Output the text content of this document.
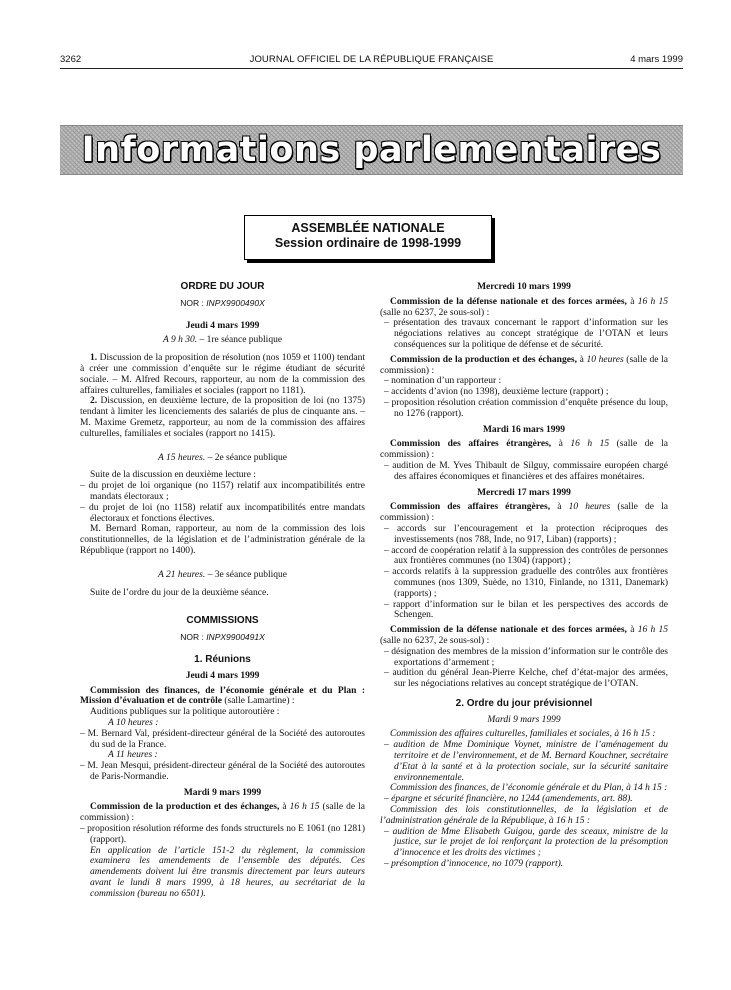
3262	JOURNAL OFFICIEL DE LA RÉPUBLIQUE FRANÇAISE	4 mars 1999
Informations parlementaires
ASSEMBLÉE NATIONALE
Session ordinaire de 1998-1999
ORDRE DU JOUR
NOR : INPX9900490X
Jeudi 4 mars 1999
A 9 h 30. – 1re séance publique

1. Discussion de la proposition de résolution (nos 1059 et 1100) tendant à créer une commission d’enquête sur le régime étudiant de sécurité sociale. – M. Alfred Recours, rapporteur, au nom de la commission des affaires culturelles, familiales et sociales (rapport no 1181).

2. Discussion, en deuxième lecture, de la proposition de loi (no 1375) tendant à limiter les licenciements des salariés de plus de cinquante ans. – M. Maxime Gremetz, rapporteur, au nom de la commission des affaires culturelles, familiales et sociales (rapport no 1415).

A 15 heures. – 2e séance publique

Suite de la discussion en deuxième lecture :

– du projet de loi organique (no 1157) relatif aux incompatibilités entre mandats électoraux ;

– du projet de loi (no 1158) relatif aux incompatibilités entre mandats électoraux et fonctions électives.

M. Bernard Roman, rapporteur, au nom de la commission des lois constitutionnelles, de la législation et de l’administration générale de la République (rapport no 1400).

A 21 heures. – 3e séance publique

Suite de l’ordre du jour de la deuxième séance.

COMMISSIONS
NOR : INPX9900491X
1. Réunions
Jeudi 4 mars 1999

Commission des finances, de l’économie générale et du Plan : Mission d’évaluation et de contrôle (salle Lamartine) :

Auditions publiques sur la politique autoroutière :

A 10 heures :

– M. Bernard Val, président-directeur général de la Société des autoroutes du sud de la France.

A 11 heures :

– M. Jean Mesqui, président-directeur général de la Société des autoroutes de Paris-Normandie.

Mardi 9 mars 1999

Commission de la production et des échanges, à 16 h 15 (salle de la commission) :

– proposition résolution réforme des fonds structurels no E 1061 (no 1281) (rapport).

En application de l’article 151-2 du règlement, la commission examinera les amendements de l’ensemble des députés. Ces amendements doivent lui être transmis directement par leurs auteurs avant le lundi 8 mars 1999, à 18 heures, au secrétariat de la commission (bureau no 6501).

Mercredi 10 mars 1999

Commission de la défense nationale et des forces armées, à 16 h 15 (salle no 6237, 2e sous-sol) :

– présentation des travaux concernant le rapport d’information sur les négociations relatives au concept stratégique de l’OTAN et leurs conséquences sur la politique de défense et de sécurité.

Commission de la production et des échanges, à 10 heures (salle de la commission) :

– nomination d’un rapporteur :

– accidents d’avion (no 1398), deuxième lecture (rapport) ;

– proposition résolution création commission d’enquête présence du loup, no 1276 (rapport).

Mardi 16 mars 1999

Commission des affaires étrangères, à 16 h 15 (salle de la commission) :

– audition de M. Yves Thibault de Silguy, commissaire européen chargé des affaires économiques et financières et des affaires monétaires.

Mercredi 17 mars 1999

Commission des affaires étrangères, à 10 heures (salle de la commission) :

– accords sur l’encouragement et la protection réciproques des investissements (nos 788, Inde, no 917, Liban) (rapports) ;

– accord de coopération relatif à la suppression des contrôles de personnes aux frontières communes (no 1304) (rapport) ;

– accords relatifs à la suppression graduelle des contrôles aux frontières communes (nos 1309, Suède, no 1310, Finlande, no 1311, Danemark) (rapports) ;

– rapport d’information sur le bilan et les perspectives des accords de Schengen.

Commission de la défense nationale et des forces armées, à 16 h 15 (salle no 6237, 2e sous-sol) :

– désignation des membres de la mission d’information sur le contrôle des exportations d’armement ;

– audition du général Jean-Pierre Kelche, chef d’état-major des armées, sur les négociations relatives au concept stratégique de l’OTAN.

2. Ordre du jour prévisionnel
Mardi 9 mars 1999

Commission des affaires culturelles, familiales et sociales, à 16 h 15 :

– audition de Mme Dominique Voynet, ministre de l’aménagement du territoire et de l’environnement, et de M. Bernard Kouchner, secrétaire d’Etat à la santé et à la protection sociale, sur la sécurité sanitaire environnementale.

Commission des finances, de l’économie générale et du Plan, à 14 h 15 :

– épargne et sécurité financière, no 1244 (amendements, art. 88).

Commission des lois constitutionnelles, de la législation et de l’administration générale de la République, à 16 h 15 :

– audition de Mme Elisabeth Guigou, garde des sceaux, ministre de la justice, sur le projet de loi renforçant la protection de la présomption d’innocence et les droits des victimes ;

– présomption d’innocence, no 1079 (rapport).
